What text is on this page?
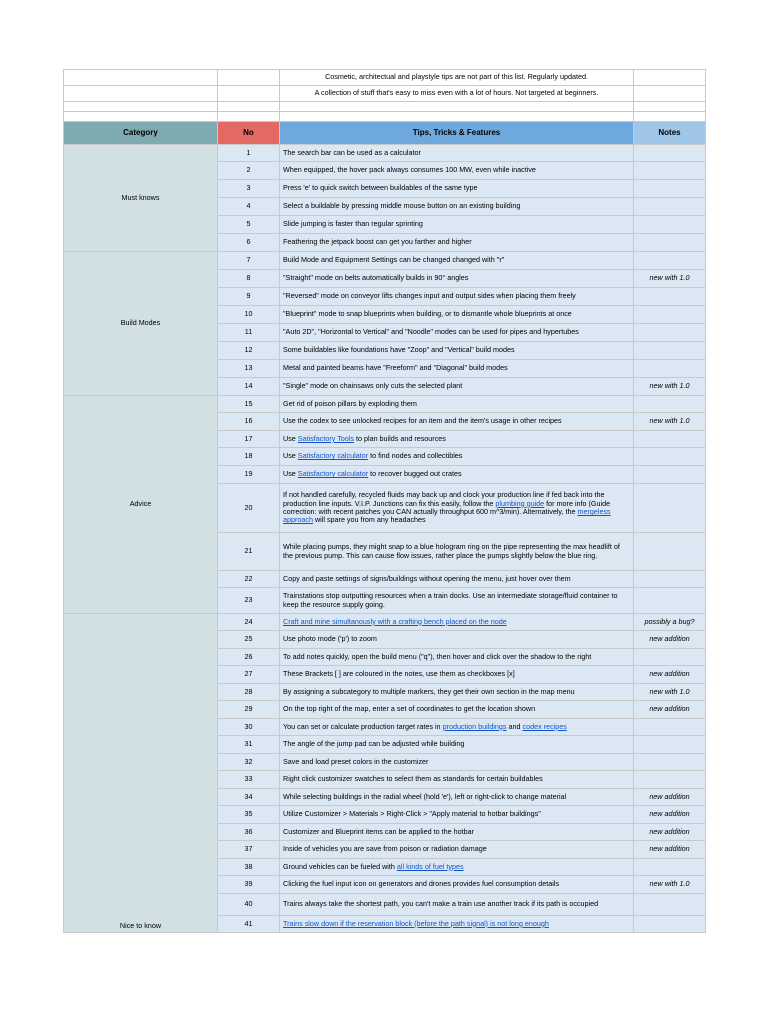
		Cosmetic, architectual and playstyle tips are not part of this list. Regularly updated.	
		A collection of stuff that's easy to miss even with a lot of hours. Not targeted at beginners.	

Category	No	Tips, Tricks & Features	Notes
Must knows	1	The search bar can be used as a calculator	
	2	When equipped, the hover pack always consumes 100 MW, even while inactive	
	3	Press 'e' to quick switch between buildables of the same type	
	4	Select a buildable by pressing middle mouse button on an existing building	
	5	Slide jumping is faster than regular sprinting	
	6	Feathering the jetpack boost can get you farther and higher	
Build Modes	7	Build Mode and Equipment Settings can be changed changed with "r"	
	8	"Straight" mode on belts automatically builds in 90° angles	new with 1.0
	9	"Reversed" mode on conveyor lifts changes input and output sides when placing them freely	
	10	"Blueprint" mode to snap blueprints when building, or to dismantle whole blueprints at once	
	11	"Auto 2D", "Horizontal to Vertical" and "Noodle" modes can be used for pipes and hypertubes	
	12	Some buildables like foundations have "Zoop" and "Vertical" build modes	
	13	Metal and painted beams have "Freeform" and "Diagonal" build modes	
	14	"Single" mode on chainsaws only cuts the selected plant	new with 1.0
Advice	15	Get rid of poison pillars by exploding them	
	16	Use the codex to see unlocked recipes for an item and the item's usage in other recipes	new with 1.0
	17	Use Satisfactory Tools to plan builds and resources	
	18	Use Satisfactory calculator to find nodes and collectibles	
	19	Use Satisfactory calculator to recover bugged out crates	
	20	If not handled carefully, recycled fluids may back up and clock your production line if fed back into the production line inputs. V.I.P. Junctions can fix this easily, follow the plumbing guide for more info (Guide correction: with recent patches you CAN actually throughput 600 m^3/min). Alternatively, the mergeless approach will spare you from any headaches	
	21	While placing pumps, they might snap to a blue hologram ring on the pipe representing the max headlift of the previous pump. This can cause flow issues, rather place the pumps slightly below the blue ring.	
	22	Copy and paste settings of signs/buildings without opening the menu, just hover over them	
	23	Trainstations stop outputting resources when a train docks. Use an intermediate storage/fluid container to keep the resource supply going.	
Nice to know	24	Craft and mine simultanously with a crafting bench placed on the node	possibly a bug?
	25	Use photo mode ('p') to zoom	new addition
	26	To add notes quickly, open the build menu ("q"), then hover and click over the shadow to the right	
	27	These Brackets [ ] are coloured in the notes, use them as checkboxes [x]	new addition
	28	By assigning a subcategory to multiple markers, they get their own section in the map menu	new with 1.0
	29	On the top right of the map, enter a set of coordinates to get the location shown	new addition
	30	You can set or calculate production target rates in production buildings and codex recipes	
	31	The angle of the jump pad can be adjusted while building	
	32	Save and load preset colors in the customizer	
	33	Right click customizer swatches to select them as standards for certain buildables	
	34	While selecting buildings in the radial wheel (hold 'e'), left or right-click to change material	new addition
	35	Utilize Customizer > Materials > Right-Click > "Apply material to hotbar buildings"	new addition
	36	Customizer and Blueprint items can be applied to the hotbar	new addition
	37	Inside of vehicles you are save from poison or radiation damage	new addition
	38	Ground vehicles can be fueled with all kinds of fuel types	
	39	Clicking the fuel input icon on generators and drones provides fuel consumption details	new with 1.0
	40	Trains always take the shortest path, you can't make a train use another track if its path is occupied	
	41	Trains slow down if the reservation block (before the path signal) is not long enough	
